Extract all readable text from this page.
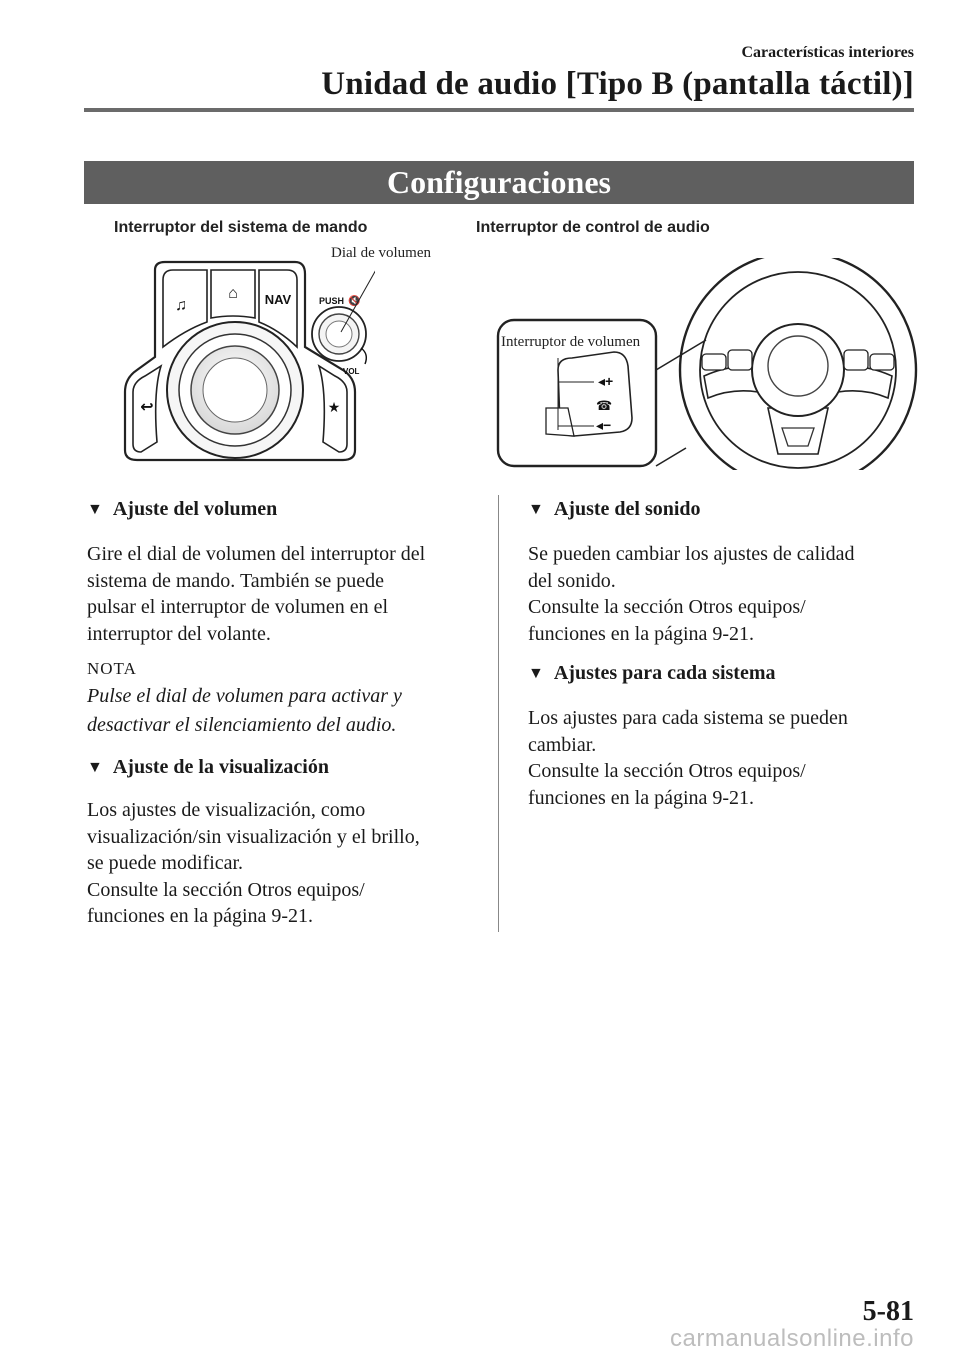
Características interiores
Unidad de audio [Tipo B (pantalla táctil)]
Configuraciones
Interruptor del sistema de mando	Interruptor de control de audio
♫
⌂ NAV
↩	★
PUSH 🔇
VOL
Dial de volumen
◂+
☎
◂−
Interruptor de volumen
▼ Ajuste del volumen
Gire el dial de volumen del interruptor del
sistema de mando. También se puede
pulsar el interruptor de volumen en el
interruptor del volante.
NOTA
Pulse el dial de volumen para activar y
desactivar el silenciamiento del audio.
▼ Ajuste de la visualización
Los ajustes de visualización, como
visualización/sin visualización y el brillo,
se puede modificar.
Consulte la sección Otros equipos/
funciones en la página 9-21.
▼ Ajuste del sonido
Se pueden cambiar los ajustes de calidad
del sonido.
Consulte la sección Otros equipos/
funciones en la página 9-21.
▼ Ajustes para cada sistema
Los ajustes para cada sistema se pueden
cambiar.
Consulte la sección Otros equipos/
funciones en la página 9-21.
5-81
carmanualsonline.info
